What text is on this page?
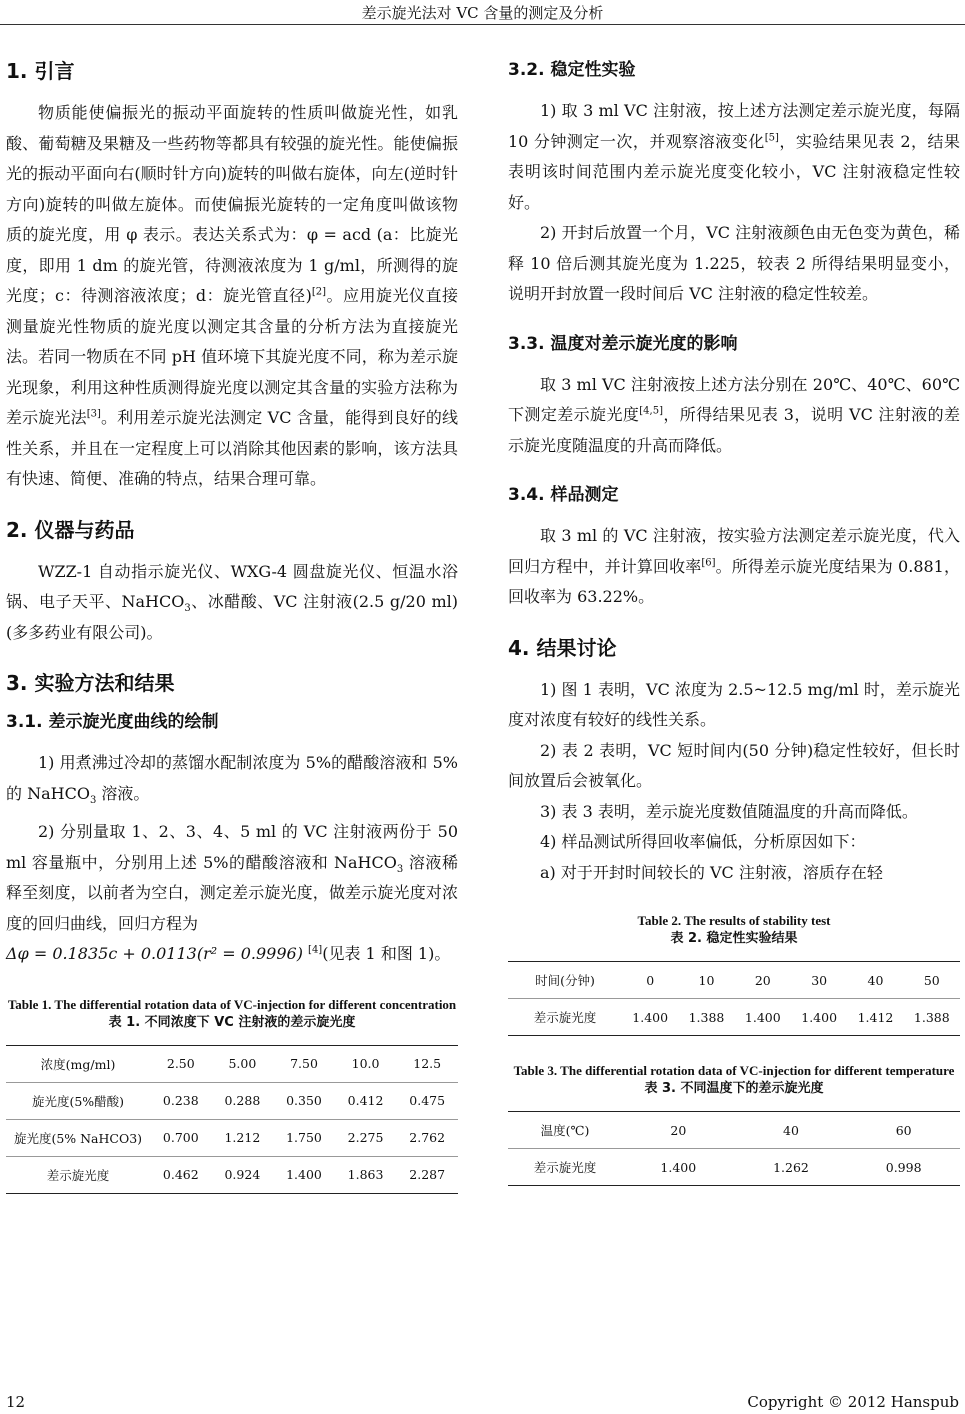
差示旋光法对 VC 含量的测定及分析
1. 引言

物质能使偏振光的振动平面旋转的性质叫做旋光性，如乳酸、葡萄糖及果糖及一些药物等都具有较强的旋光性。能使偏振光的振动平面向右(顺时针方向)旋转的叫做右旋体，向左(逆时针方向)旋转的叫做左旋体。而使偏振光旋转的一定角度叫做该物质的旋光度，用 φ 表示。表达关系式为：φ = acd (a：比旋光度，即用 1 dm 的旋光管，待测液浓度为 1 g/ml，所测得的旋光度；c：待测溶液浓度；d：旋光管直径)[2]。应用旋光仪直接测量旋光性物质的旋光度以测定其含量的分析方法为直接旋光法。若同一物质在不同 pH 值环境下其旋光度不同，称为差示旋光现象，利用这种性质测得旋光度以测定其含量的实验方法称为差示旋光法[3]。利用差示旋光法测定 VC 含量，能得到良好的线性关系，并且在一定程度上可以消除其他因素的影响，该方法具有快速、简便、准确的特点，结果合理可靠。

2. 仪器与药品

WZZ-1 自动指示旋光仪、WXG-4 圆盘旋光仪、恒温水浴锅、电子天平、NaHCO$_3$、冰醋酸、VC 注射液(2.5 g/20 ml)(多多药业有限公司)。

3. 实验方法和结果
3.1. 差示旋光度曲线的绘制

1) 用煮沸过冷却的蒸馏水配制浓度为 5%的醋酸溶液和 5%的 NaHCO$_3$ 溶液。

2) 分别量取 1、2、3、4、5 ml 的 VC 注射液两份于 50 ml 容量瓶中，分别用上述 5%的醋酸溶液和 NaHCO$_3$ 溶液稀释至刻度，以前者为空白，测定差示旋光度，做差示旋光度对浓度的回归曲线，回归方程为

Δφ = 0.1835c + 0.0113(r² = 0.9996) [4](见表 1 和图 1)。

Table 1. The differential rotation data of VC-injection for different concentration
表 1. 不同浓度下 VC 注射液的差示旋光度
浓度(mg/ml)	2.50	5.00	7.50	10.0	12.5
旋光度(5%醋酸)	0.238	0.288	0.350	0.412	0.475
旋光度(5% NaHCO3)	0.700	1.212	1.750	2.275	2.762
差示旋光度	0.462	0.924	1.400	1.863	2.287
3.2. 稳定性实验

1) 取 3 ml VC 注射液，按上述方法测定差示旋光度，每隔 10 分钟测定一次，并观察溶液变化[5]，实验结果见表 2，结果表明该时间范围内差示旋光度变化较小，VC 注射液稳定性较好。

2) 开封后放置一个月，VC 注射液颜色由无色变为黄色，稀释 10 倍后测其旋光度为 1.225，较表 2 所得结果明显变小，说明开封放置一段时间后 VC 注射液的稳定性较差。

3.3. 温度对差示旋光度的影响

取 3 ml VC 注射液按上述方法分别在 20℃、40℃、60℃下测定差示旋光度[4,5]，所得结果见表 3，说明 VC 注射液的差示旋光度随温度的升高而降低。

3.4. 样品测定

取 3 ml 的 VC 注射液，按实验方法测定差示旋光度，代入回归方程中，并计算回收率[6]。所得差示旋光度结果为 0.881，回收率为 63.22%。

4. 结果讨论

1) 图 1 表明，VC 浓度为 2.5~12.5 mg/ml 时，差示旋光度对浓度有较好的线性关系。

2) 表 2 表明，VC 短时间内(50 分钟)稳定性较好，但长时间放置后会被氧化。

3) 表 3 表明，差示旋光度数值随温度的升高而降低。

4) 样品测试所得回收率偏低，分析原因如下：

a) 对于开封时间较长的 VC 注射液，溶质存在轻

Table 2. The results of stability test
表 2. 稳定性实验结果
时间(分钟)	0	10	20	30	40	50
差示旋光度	1.400	1.388	1.400	1.400	1.412	1.388
Table 3. The differential rotation data of VC-injection for different temperature
表 3. 不同温度下的差示旋光度
温度(℃)	20	40	60
差示旋光度	1.400	1.262	0.998
12	Copyright © 2012 Hanspub
